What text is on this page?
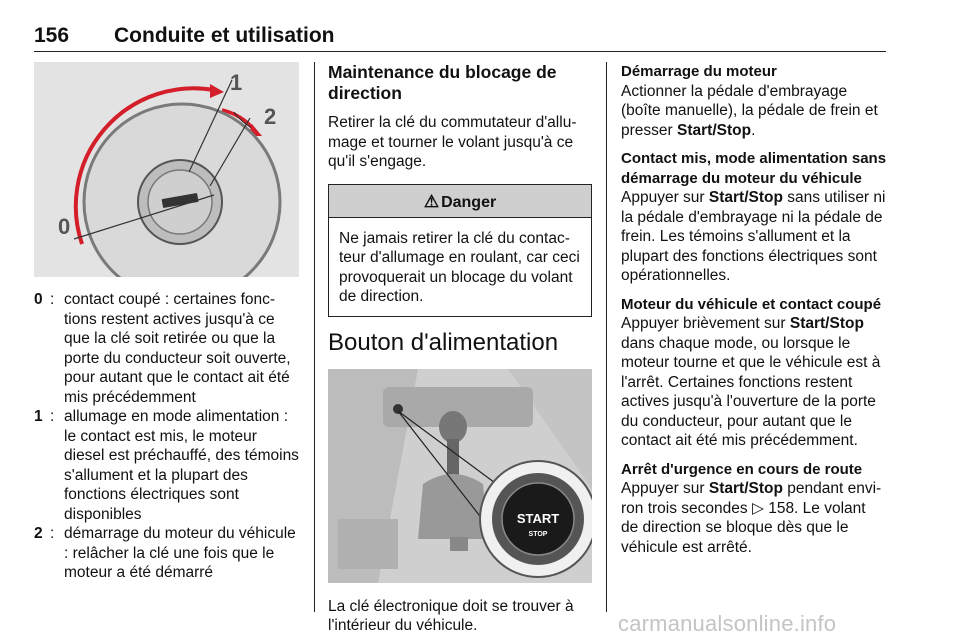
156 Conduite et utilisation
1
2
0
0 : contact coupé : certaines fonc-tions restent actives jusqu'à ce que la clé soit retirée ou que la porte du conducteur soit ouverte, pour autant que le contact ait été mis précédemment
1 : allumage en mode alimentation : le contact est mis, le moteur diesel est préchauffé, des témoins s'allument et la plupart des fonctions électriques sont disponibles
2 : démarrage du moteur du véhicule : relâcher la clé une fois que le moteur a été démarré
Maintenance du blocage de direction
Retirer la clé du commutateur d'allu-mage et tourner le volant jusqu'à ce qu'il s'engage.
⚠ Danger
Ne jamais retirer la clé du contac-teur d'allumage en roulant, car ceci provoquerait un blocage du volant de direction.
Bouton d'alimentation
START
STOP
La clé électronique doit se trouver à l'intérieur du véhicule.
Démarrage du moteur
Actionner la pédale d'embrayage (boîte manuelle), la pédale de frein et presser Start/Stop.
Contact mis, mode alimentation sans démarrage du moteur du véhicule
Appuyer sur Start/Stop sans utiliser ni la pédale d'embrayage ni la pédale de frein. Les témoins s'allument et la plupart des fonctions électriques sont opérationnelles.
Moteur du véhicule et contact coupé
Appuyer brièvement sur Start/Stop dans chaque mode, ou lorsque le moteur tourne et que le véhicule est à l'arrêt. Certaines fonctions restent actives jusqu'à l'ouverture de la porte du conducteur, pour autant que le contact ait été mis précédemment.
Arrêt d'urgence en cours de route
Appuyer sur Start/Stop pendant envi-ron trois secondes ▷ 158. Le volant de direction se bloque dès que le véhicule est arrêté.
carmanualsonline.info
